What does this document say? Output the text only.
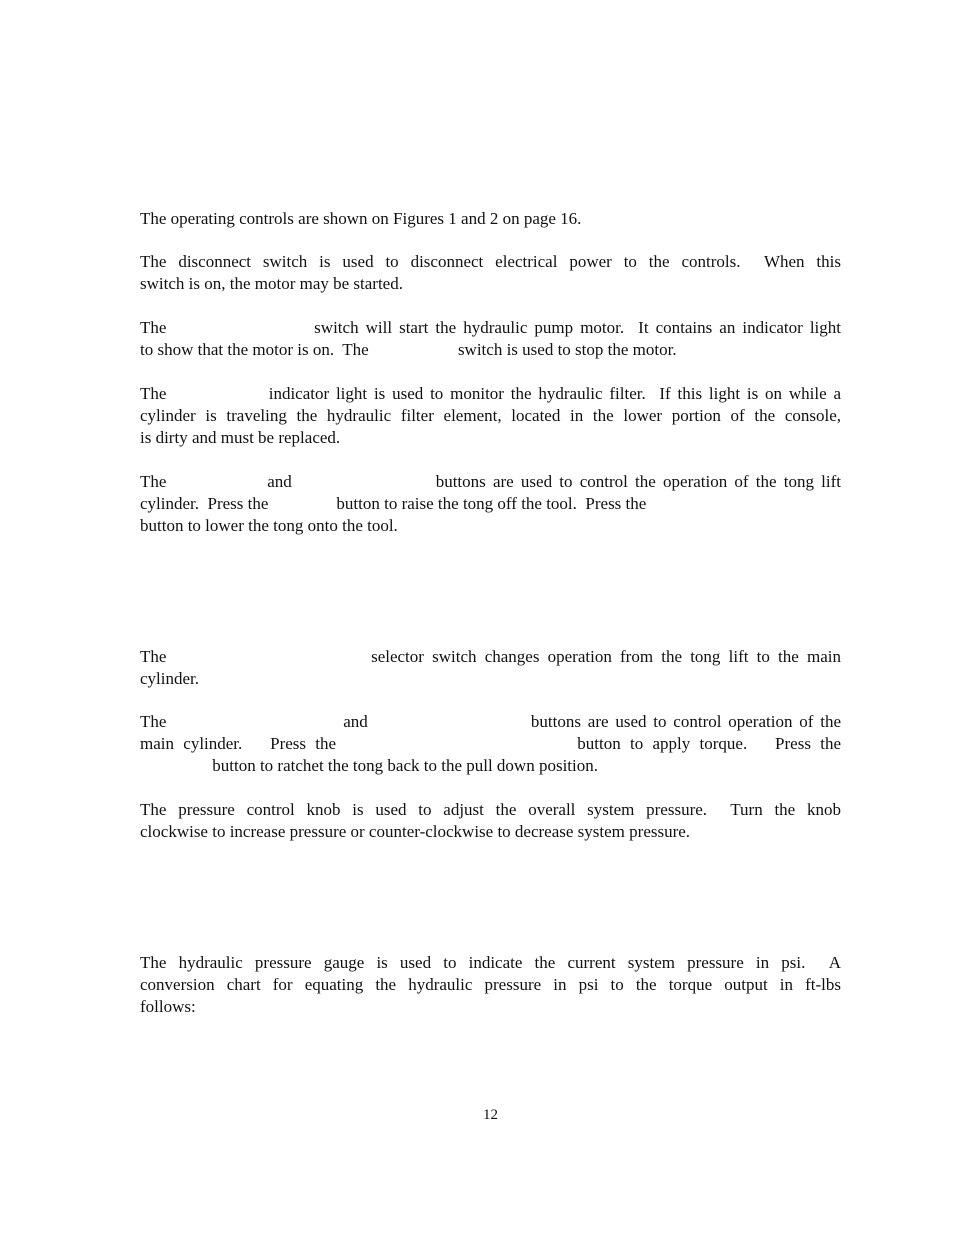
The operating controls are shown on Figures 1 and 2 on page 16.
The disconnect switch is used to disconnect electrical power to the controls.  When this
switch is on, the motor may be started.
The                     switch will start the hydraulic pump motor.  It contains an indicator light
to show that the motor is on.  The                     switch is used to stop the motor.
The               indicator light is used to monitor the hydraulic filter.  If this light is on while a
cylinder is traveling the hydraulic filter element, located in the lower portion of the console,
is dirty and must be replaced.
The              and                    buttons are used to control the operation of the tong lift
cylinder.  Press the                button to raise the tong off the tool.  Press the
button to lower the tong onto the tool.
The                         selector switch changes operation from the tong lift to the main
cylinder.
The                          and                        buttons are used to control operation of the
main cylinder.   Press the                          button to apply torque.   Press the
button to ratchet the tong back to the pull down position.
The pressure control knob is used to adjust the overall system pressure.  Turn the knob
clockwise to increase pressure or counter-clockwise to decrease system pressure.
The hydraulic pressure gauge is used to indicate the current system pressure in psi.  A
conversion chart for equating the hydraulic pressure in psi to the torque output in ft-lbs
follows:
12
